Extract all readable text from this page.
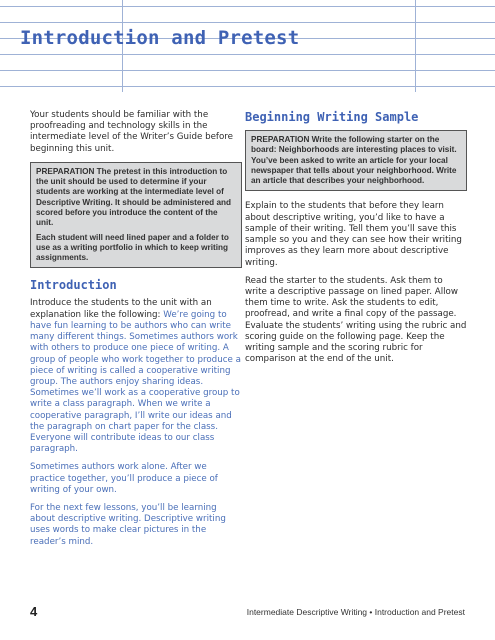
Introduction and Pretest

Your students should be familiar with the proofreading and technology skills in the intermediate level of the Writer’s Guide before beginning this unit.

PREPARATION The pretest in this introduction to the unit should be used to determine if your students are working at the intermediate level of Descriptive Writing. It should be administered and scored before you introduce the content of the unit.

Each student will need lined paper and a folder to use as a writing portfolio in which to keep writing assignments.

Introduction

Introduce the students to the unit with an explanation like the following: We’re going to have fun learning to be authors who can write many different things. Sometimes authors work with others to produce one piece of writing. A group of people who work together to produce a piece of writing is called a cooperative writing group. The authors enjoy sharing ideas. Sometimes we’ll work as a cooperative group to write a class paragraph. When we write a cooperative paragraph, I’ll write our ideas and the paragraph on chart paper for the class. Everyone will contribute ideas to our class paragraph.

Sometimes authors work alone. After we practice together, you’ll produce a piece of writing of your own.

For the next few lessons, you’ll be learning about descriptive writing. Descriptive writing uses words to make clear pictures in the reader’s mind.

Beginning Writing Sample

PREPARATION Write the following starter on the board: Neighborhoods are interesting places to visit. You’ve been asked to write an article for your local newspaper that tells about your neighborhood. Write an article that describes your neighborhood.

Explain to the students that before they learn about descriptive writing, you’d like to have a sample of their writing. Tell them you’ll save this sample so you and they can see how their writing improves as they learn more about descriptive writing.

Read the starter to the students. Ask them to write a descriptive passage on lined paper. Allow them time to write. Ask the students to edit, proofread, and write a final copy of the passage. Evaluate the students’ writing using the rubric and scoring guide on the following page. Keep the writing sample and the scoring rubric for comparison at the end of the unit.

4	Intermediate Descriptive Writing • Introduction and Pretest
